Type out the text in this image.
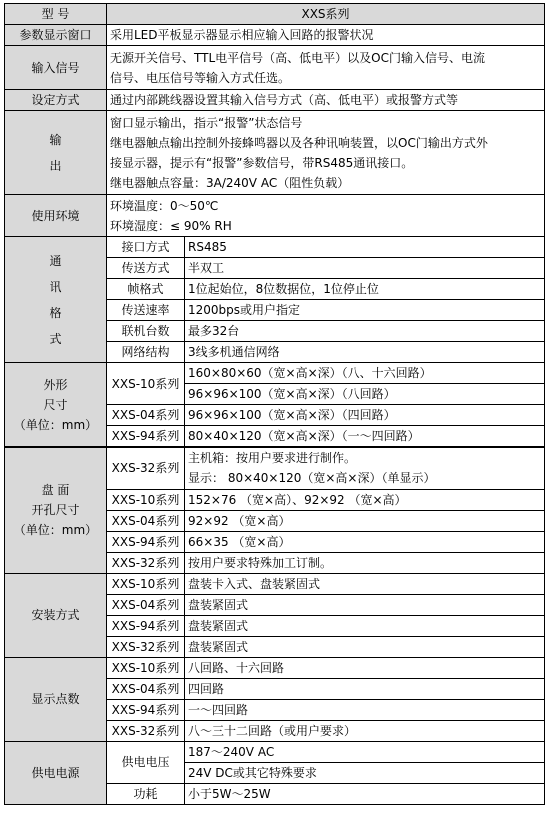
型 号	XXS系列	
参数显示窗口	采用LED平板显示器显示相应输入回路的报警状况	
输入信号	无源开关信号、TTL电平信号（高、低电平）以及OC门输入信号、电流
信号、电压信号等输入方式任选。	

设定方式	通过内部跳线器设置其输入信号方式（高、低电平）或报警方式等	

输
出	窗口显示输出，指示“报警”状态信号
继电器触点输出控制外接蜂鸣器以及各种讯响装置，以OC门输出方式外
接显示器，提示有“报警”参数信号，带RS485通讯接口。
继电器触点容量：3A/240V AC（阻性负载）	

使用环境	环境温度：0～50℃
环境湿度：≤ 90% RH	

通
讯
格
式	接口方式	RS485
	传送方式	半双工
	帧格式	1位起始位，8位数据位，1位停止位
	传送速率	1200bps或用户指定
	联机台数	最多32台
	网络结构	3线多机通信网络

外形
尺寸
（单位：mm）	XXS-10系列	160×80×60（宽×高×深）（八、十六回路）
		96×96×100（宽×高×深）（八回路）
	XXS-04系列	96×96×100（宽×高×深）（四回路）
	XXS-94系列	80×40×120（宽×高×深）（一～四回路）

盘 面
开孔尺寸
（单位：mm）	XXS-32系列	主机箱：按用户要求进行制作。
显示： 80×40×120（宽×高×深）（单显示）

	XXS-10系列	152×76 （宽×高）、92×92 （宽×高）
	XXS-04系列	92×92 （宽×高）
	XXS-94系列	66×35 （宽×高）
	XXS-32系列	按用户要求特殊加工订制。
安装方式	XXS-10系列	盘装卡入式、盘装紧固式
	XXS-04系列	盘装紧固式
	XXS-94系列	盘装紧固式
	XXS-32系列	盘装紧固式
显示点数	XXS-10系列	八回路、十六回路
	XXS-04系列	四回路
	XXS-94系列	一～四回路
	XXS-32系列	八～三十二回路（或用户要求）
供电电源	供电电压	187～240V AC
		24V DC或其它特殊要求
	功耗	小于5W～25W
